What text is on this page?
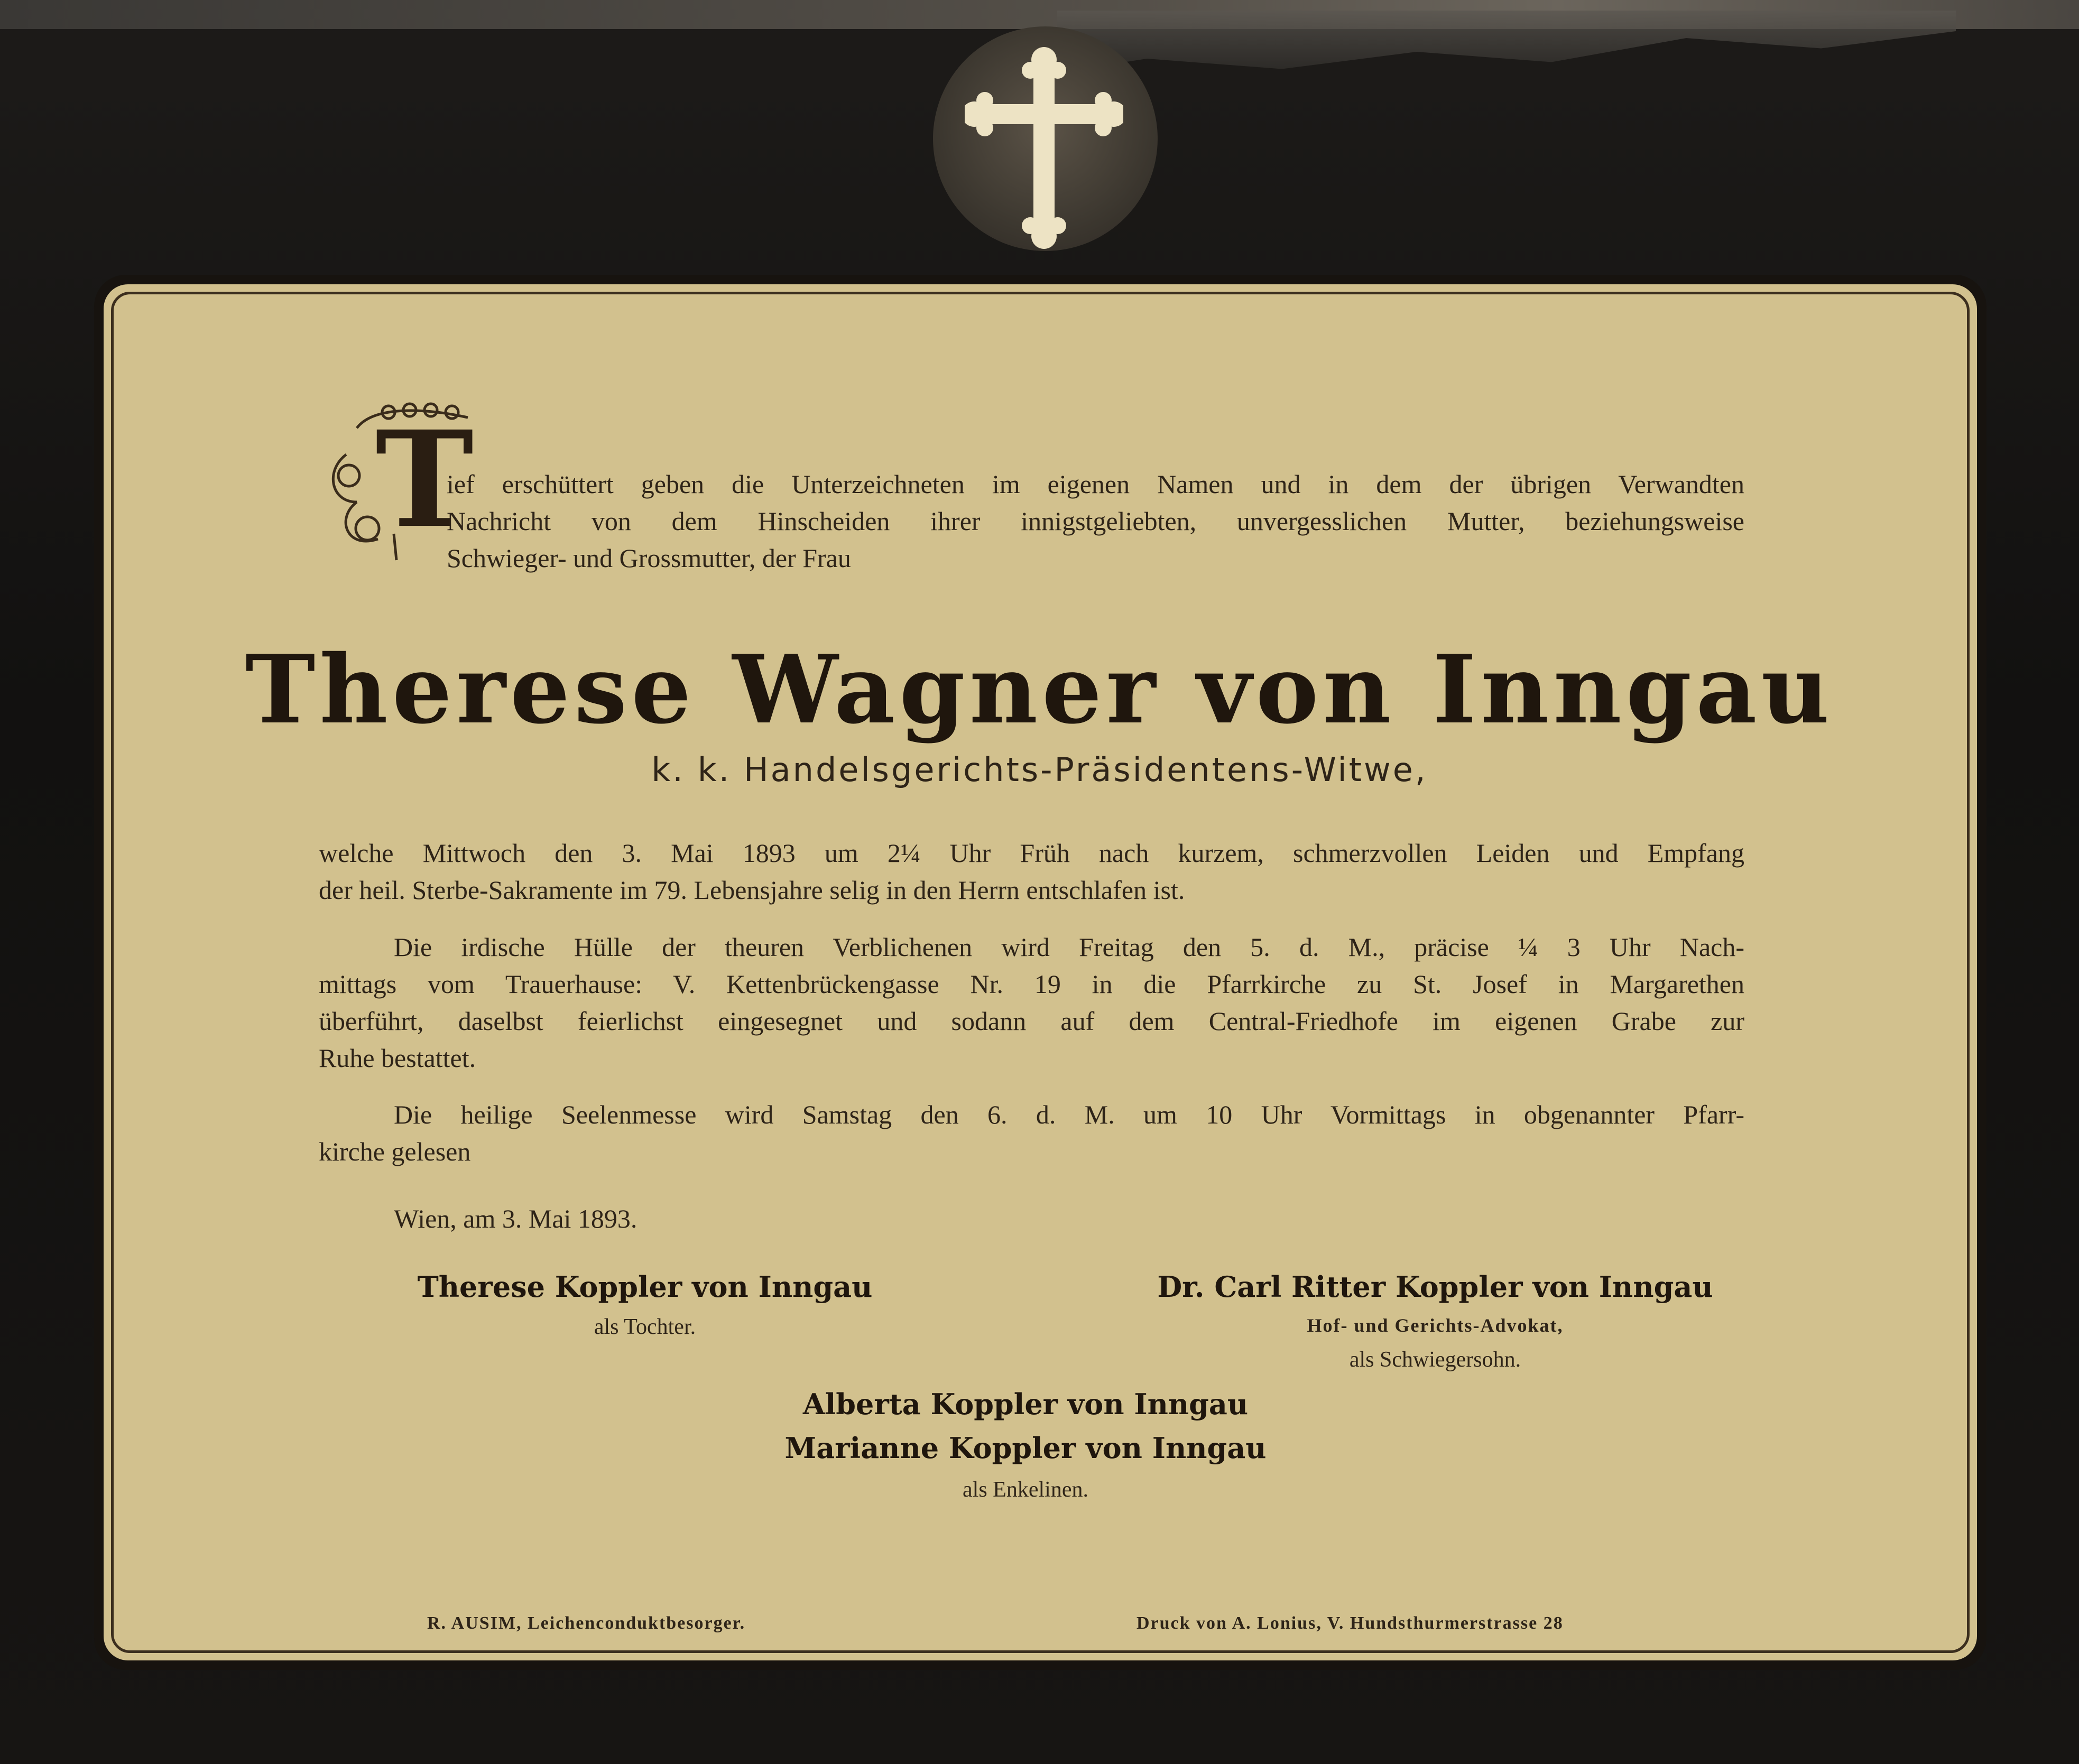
T
ief erschüttert geben die Unterzeichneten im eigenen Namen und in dem der übrigen Verwandten
Nachricht von dem Hinscheiden ihrer innigstgeliebten, unvergesslichen Mutter, beziehungsweise
Schwieger- und Grossmutter, der Frau
Therese Wagner von Inngau
k. k. Handelsgerichts-Präsidentens-Witwe,
welche Mittwoch den 3. Mai 1893 um 2¼ Uhr Früh nach kurzem, schmerzvollen Leiden und Empfang
der heil. Sterbe-Sakramente im 79. Lebensjahre selig in den Herrn entschlafen ist.
Die irdische Hülle der theuren Verblichenen wird Freitag den 5. d. M., präcise ¼ 3 Uhr Nach-
mittags vom Trauerhause: V. Kettenbrückengasse Nr. 19 in die Pfarrkirche zu St. Josef in Margarethen
überführt, daselbst feierlichst eingesegnet und sodann auf dem Central-Friedhofe im eigenen Grabe zur
Ruhe bestattet.
Die heilige Seelenmesse wird Samstag den 6. d. M. um 10 Uhr Vormittags in obgenannter Pfarr-
kirche gelesen
Wien, am 3. Mai 1893.
Therese Koppler von Inngau
als Tochter.
Dr. Carl Ritter Koppler von Inngau
Hof- und Gerichts-Advokat,
als Schwiegersohn.
Alberta Koppler von Inngau
Marianne Koppler von Inngau
als Enkelinen.
R. AUSIM, Leichenconduktbesorger.	Druck von A. Lonius, V. Hundsthurmerstrasse 28
